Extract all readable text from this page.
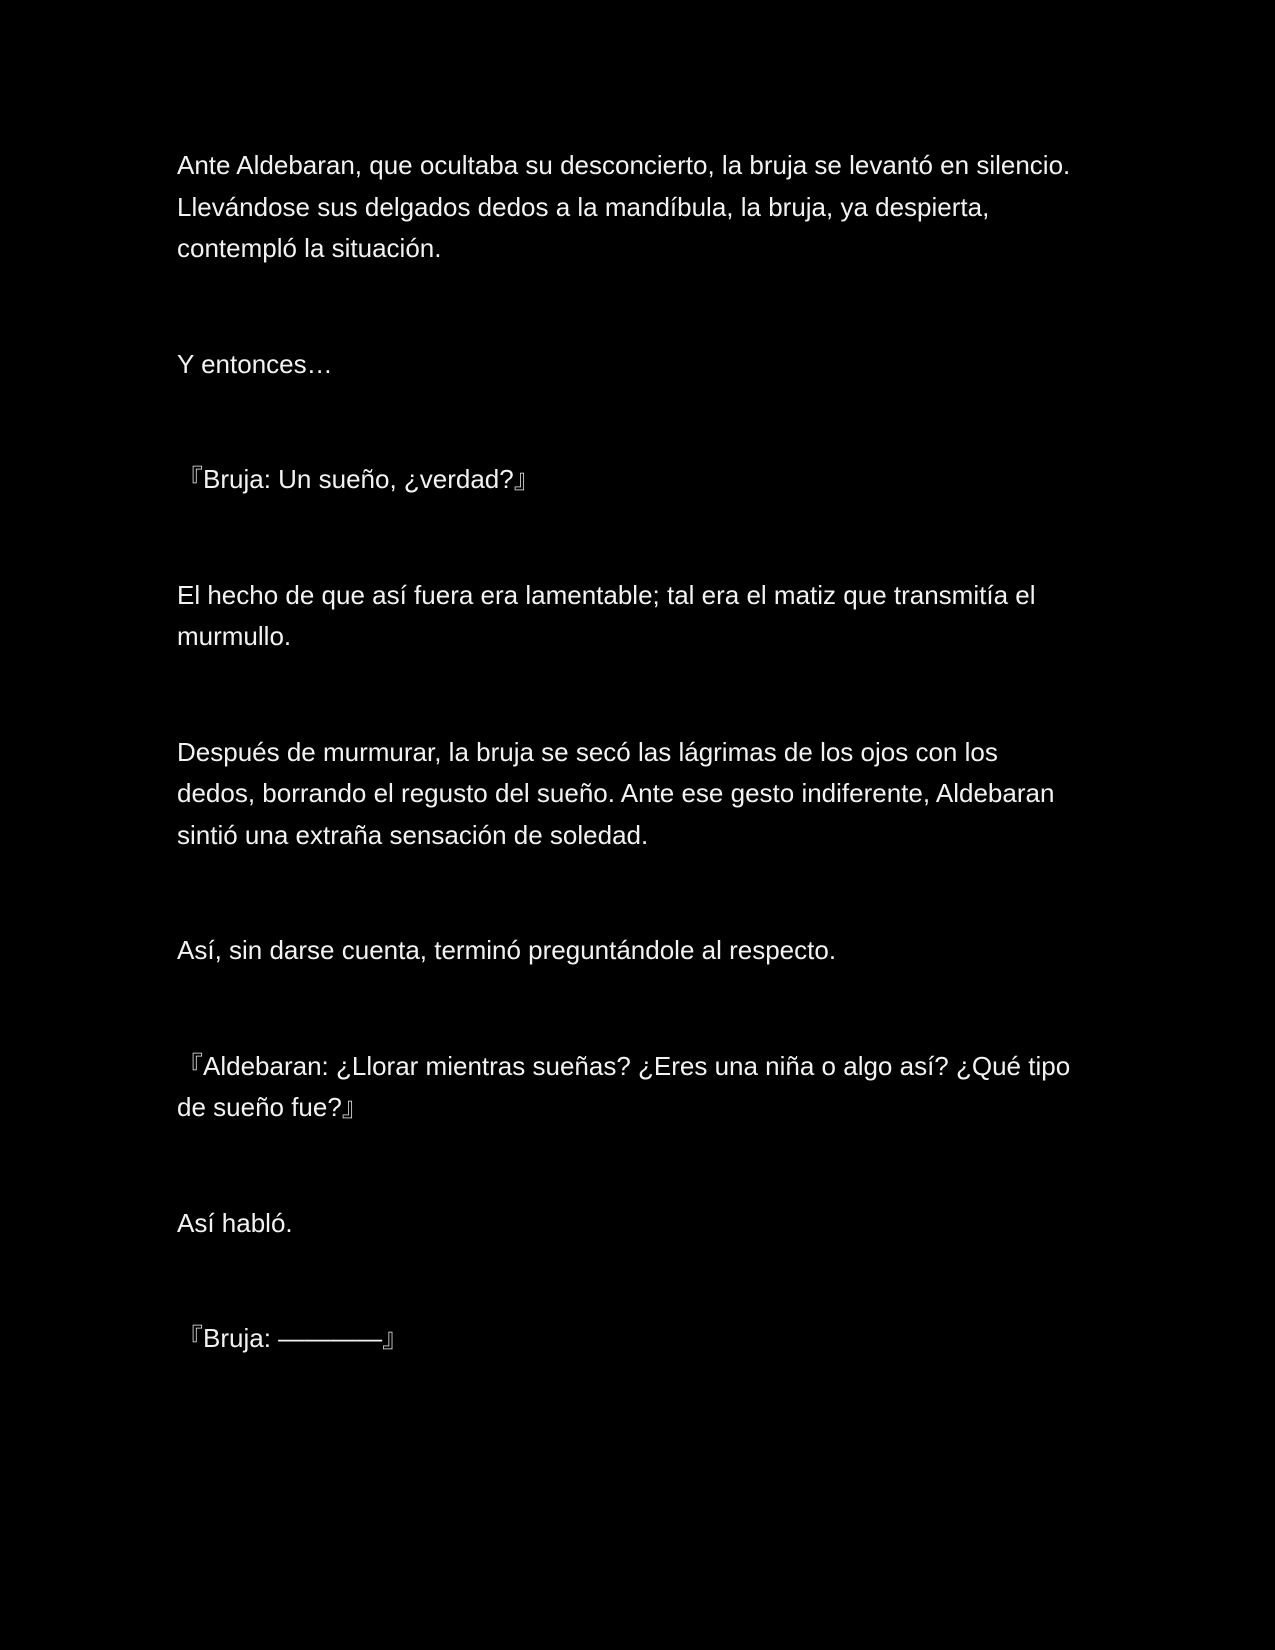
Ante Aldebaran, que ocultaba su desconcierto, la bruja se levantó en silencio. Llevándose sus delgados dedos a la mandíbula, la bruja, ya despierta, contempló la situación.

Y entonces…

『Bruja: Un sueño, ¿verdad?』

El hecho de que así fuera era lamentable; tal era el matiz que transmitía el murmullo.

Después de murmurar, la bruja se secó las lágrimas de los ojos con los dedos, borrando el regusto del sueño. Ante ese gesto indiferente, Aldebaran sintió una extraña sensación de soledad.

Así, sin darse cuenta, terminó preguntándole al respecto.

『Aldebaran: ¿Llorar mientras sueñas? ¿Eres una niña o algo así? ¿Qué tipo de sueño fue?』

Así habló.

『Bruja: ————』
